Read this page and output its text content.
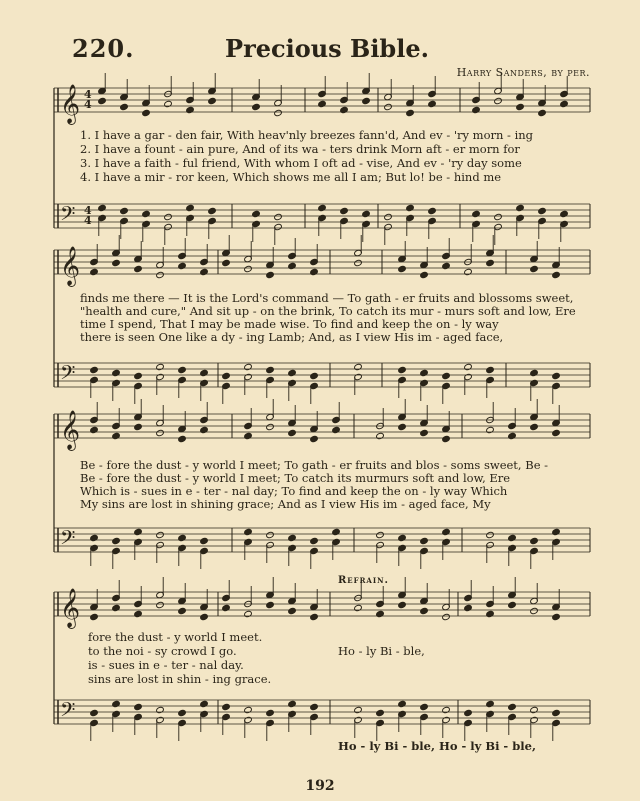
220.	Precious Bible.
Harry Sanders, by per.
𝄞
𝄢
4
4
4
4
𝄞
𝄢
𝄞
𝄢
𝄞
𝄢
1. I have a gar - den fair, With heav'nly breezes fann'd, And ev - 'ry morn - ing
2. I have a fount - ain pure, And of its wa - ters drink Morn aft - er morn for
3. I have a faith - ful friend, With whom I oft ad - vise, And ev - 'ry day some
4. I have a mir - ror keen, Which shows me all I am; But lo! be - hind me
finds me there — It is the Lord's command — To gath - er fruits and blossoms sweet,
"health and cure," And sit up - on the brink, To catch its mur - murs soft and low, Ere
time I spend, That I may be made wise. To find and keep the on - ly way
there is seen One like a dy - ing Lamb; And, as I view His im - aged face,
Be - fore the dust - y world I meet; To gath - er fruits and blos - soms sweet, Be -
Be - fore the dust - y world I meet; To catch its murmurs soft and low, Ere
Which is - sues in e - ter - nal day; To find and keep the on - ly way Which
My sins are lost in shining grace; And as I view His im - aged face, My
Refrain.
fore the dust - y world I meet.
to the noi - sy crowd I go.
is - sues in e - ter - nal day.
sins are lost in shin - ing grace.
Ho - ly Bi - ble,
Ho - ly Bi - ble, Ho - ly Bi - ble,
192
